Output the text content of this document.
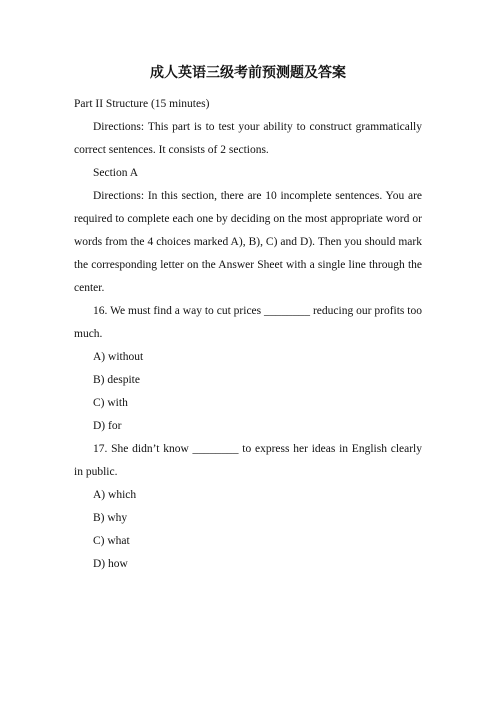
成人英语三级考前预测题及答案

Part II Structure (15 minutes)

Directions: This part is to test your ability to construct grammatically correct sentences. It consists of 2 sections.

Section A

Directions: In this section, there are 10 incomplete sentences. You are required to complete each one by deciding on the most appropriate word or words from the 4 choices marked A), B), C) and D). Then you should mark the corresponding letter on the Answer Sheet with a single line through the center.

16. We must find a way to cut prices ________ reducing our profits too much.

A) without

B) despite

C) with

D) for

17. She didn’t know ________ to express her ideas in English clearly in public.

A) which

B) why

C) what

D) how
